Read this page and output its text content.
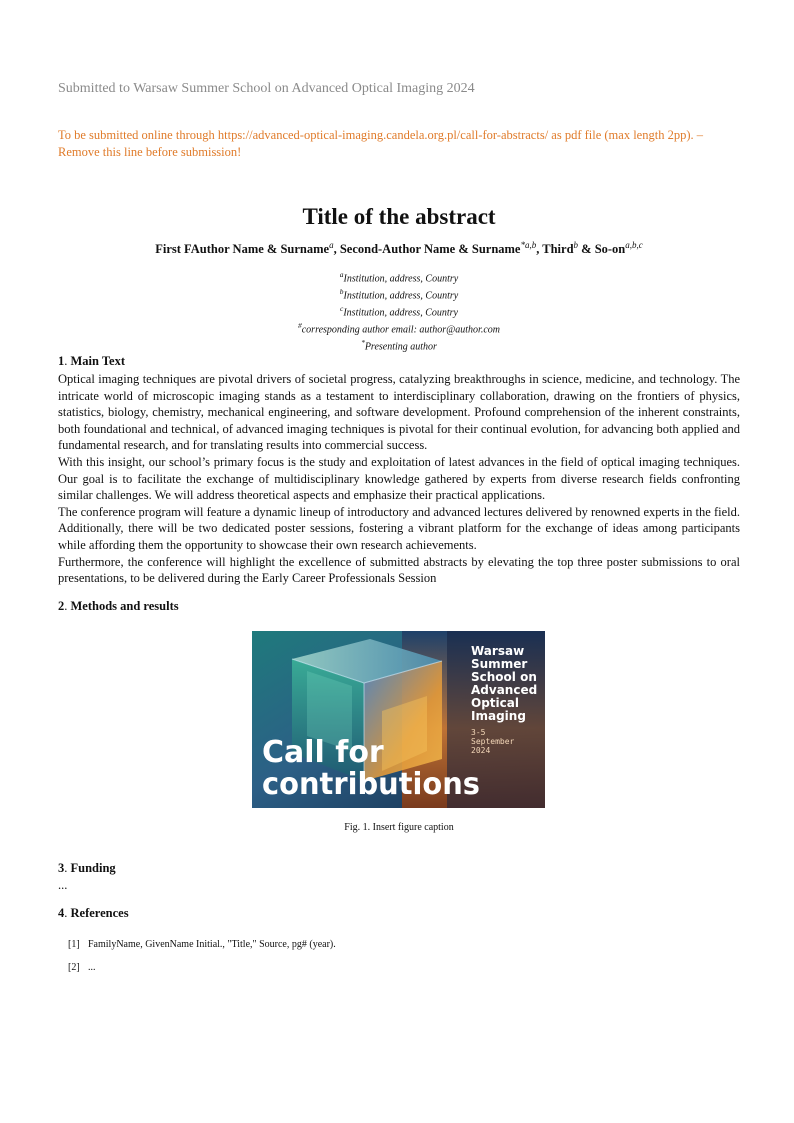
Submitted to Warsaw Summer School on Advanced Optical Imaging 2024
To be submitted online through https://advanced-optical-imaging.candela.org.pl/call-for-abstracts/ as pdf file (max length 2pp). – Remove this line before submission!
Title of the abstract
First FAuthor Name & Surname$^a$, Second-Author Name & Surname$^{*a,b}$, Third$^b$ & So-on$^{a,b,c}$
$^a$Institution, address, Country
$^b$Institution, address, Country
$^c$Institution, address, Country
#corresponding author email: author@author.com
*Presenting author
1. Main Text

Optical imaging techniques are pivotal drivers of societal progress, catalyzing breakthroughs in science, medicine, and technology. The intricate world of microscopic imaging stands as a testament to interdisciplinary collaboration, drawing on the frontiers of physics, statistics, biology, chemistry, mechanical engineering, and software development. Profound comprehension of the inherent constraints, both foundational and technical, of advanced imaging techniques is pivotal for their continual evolution, for advancing both applied and fundamental research, and for translating results into commercial success.

With this insight, our school’s primary focus is the study and exploitation of latest advances in the field of optical imaging techniques. Our goal is to facilitate the exchange of multidisciplinary knowledge gathered by experts from diverse research fields confronting similar challenges. We will address theoretical aspects and emphasize their practical applications.

The conference program will feature a dynamic lineup of introductory and advanced lectures delivered by renowned experts in the field. Additionally, there will be two dedicated poster sessions, fostering a vibrant platform for the exchange of ideas among participants while affording them the opportunity to showcase their own research achievements.

Furthermore, the conference will highlight the excellence of submitted abstracts by elevating the top three poster submissions to oral presentations, to be delivered during the Early Career Professionals Session

2. Methods and results
Warsaw
Summer
School on
Advanced
Optical
Imaging
3-5
September
2024
Call for
contributions
Fig. 1. Insert figure caption
3. Funding
...
4. References
[1] FamilyName, GivenName Initial., "Title," Source, pg# (year).
[2] ...
